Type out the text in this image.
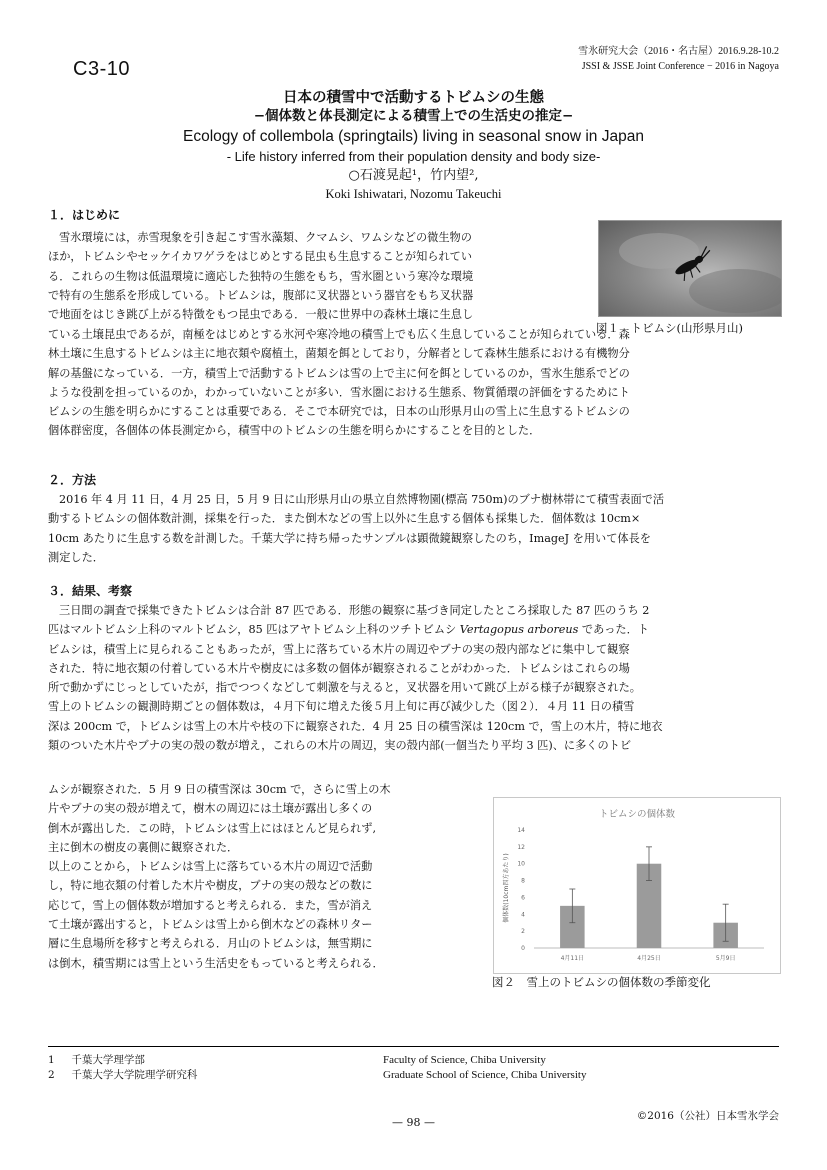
C3-10
雪氷研究大会（2016・名古屋）2016.9.28-10.2
JSSI & JSSE Joint Conference − 2016 in Nagoya
日本の積雪中で活動するトビムシの生態
−個体数と体長測定による積雪上での生活史の推定−
Ecology of collembola (springtails) living in seasonal snow in Japan
- Life history inferred from their population density and body size-
○石渡晃起¹，竹内望²,
Koki Ishiwatari, Nozomu Takeuchi
１．はじめに
雪氷環境には，赤雪現象を引き起こす雪氷藻類、クマムシ、ワムシなどの微生物の
ほか，トビムシやセッケイカワゲラをはじめとする昆虫も生息することが知られてい
る．これらの生物は低温環境に適応した独特の生態をもち，雪氷圏という寒冷な環境
で特有の生態系を形成している。トビムシは，腹部に叉状器という器官をもち叉状器
で地面をはじき跳び上がる特徴をもつ昆虫である．一般に世界中の森林土壌に生息し
ている土壌昆虫であるが，南極をはじめとする氷河や寒冷地の積雪上でも広く生息していることが知られている．森
林土壌に生息するトビムシは主に地衣類や腐植土，菌類を餌としており，分解者として森林生態系における有機物分
解の基盤になっている．一方，積雪上で活動するトビムシは雪の上で主に何を餌としているのか，雪氷生態系でどの
ような役割を担っているのか，わかっていないことが多い．雪氷圏における生態系、物質循環の評価をするためにト
ビムシの生態を明らかにすることは重要である．そこで本研究では，日本の山形県月山の雪上に生息するトビムシの
個体群密度，各個体の体長測定から，積雪中のトビムシの生態を明らかにすることを目的とした．
図１　トビムシ(山形県月山)
２．方法
2016 年 4 月 11 日，4 月 25 日，5 月 9 日に山形県月山の県立自然博物園(標高 750m)のブナ樹林帯にて積雪表面で活
動するトビムシの個体数計測，採集を行った．また倒木などの雪上以外に生息する個体も採集した．個体数は 10cm×
10cm あたりに生息する数を計測した。千葉大学に持ち帰ったサンプルは顕微鏡観察したのち，ImageJ を用いて体長を
測定した．
３．結果、考察
三日間の調査で採集できたトビムシは合計 87 匹である．形態の観察に基づき同定したところ採取した 87 匹のうち 2
匹はマルトビムシ上科のマルトビムシ，85 匹はアヤトビムシ上科のツチトビムシ Vertagopus arboreus であった．ト
ビムシは，積雪上に見られることもあったが，雪上に落ちている木片の周辺やブナの実の殻内部などに集中して観察
された．特に地衣類の付着している木片や樹皮には多数の個体が観察されることがわかった．トビムシはこれらの場
所で動かずにじっとしていたが，指でつつくなどして刺激を与えると，叉状器を用いて跳び上がる様子が観察された。
雪上のトビムシの観測時期ごとの個体数は，４月下旬に増えた後５月上旬に再び減少した（図２）．４月 11 日の積雪
深は 200cm で，トビムシは雪上の木片や枝の下に観察された．4 月 25 日の積雪深は 120cm で，雪上の木片，特に地衣
類のついた木片やブナの実の殻の数が増え，これらの木片の周辺，実の殻内部(一個当たり平均 3 匹)、に多くのトビ
ムシが観察された．5 月 9 日の積雪深は 30cm で，さらに雪上の木
片やブナの実の殻が増えて，樹木の周辺には土壌が露出し多くの
倒木が露出した．この時，トビムシは雪上にはほとんど見られず,
主に倒木の樹皮の裏側に観察された．
以上のことから，トビムシは雪上に落ちている木片の周辺で活動
し，特に地衣類の付着した木片や樹皮，ブナの実の殻などの数に
応じて，雪上の個体数が増加すると考えられる．また，雪が消え
て土壌が露出すると，トビムシは雪上から倒木などの森林リター
層に生息場所を移すと考えられる．月山のトビムシは，無雪期に
は倒木，積雪期には雪上という生活史をもっていると考えられる．
トビムシの個体数
個体数(10cm四方あたり)
0
2
4
6
8
10
12
14
4月11日	4月25日	5月9日
図２　雪上のトビムシの個体数の季節変化
1 千葉大学理学部
2 千葉大学大学院理学研究科
Faculty of Science, Chiba University
Graduate School of Science, Chiba University
©2016（公社）日本雪氷学会
— 98 —
